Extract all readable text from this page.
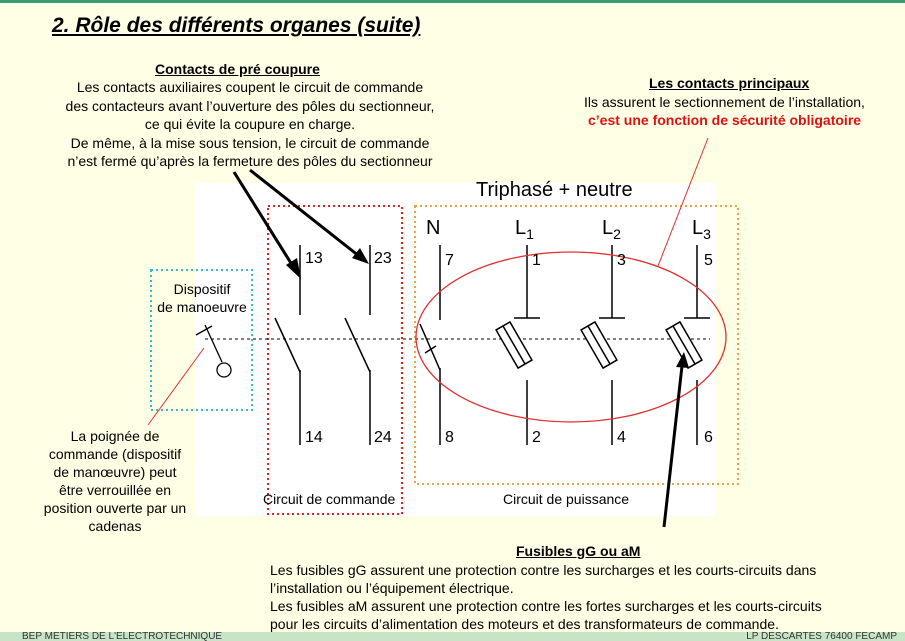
2. Rôle des différents organes (suite)
Contacts de pré coupure
Les contacts auxiliaires coupent le circuit de commande
des contacteurs avant l’ouverture des pôles du sectionneur,
ce qui évite la coupure en charge.
De même, à la mise sous tension, le circuit de commande
n’est fermé qu’après la fermeture des pôles du sectionneur
Les contacts principaux
Ils assurent le sectionnement de l’installation,
c’est une fonction de sécurité obligatoire
Triphasé + neutre
Dispositif
de manoeuvre
N	$L_1$	$L_2$	$L_3$
13	23
14	24
7	1	3	5
8	2	4	6
Circuit de commande	Circuit de puissance
La poignée de
commande (dispositif
de manœuvre) peut
être verrouillée en
position ouverte par un
cadenas
Fusibles gG ou aM
Les fusibles gG assurent une protection contre les surcharges et les courts-circuits dans
l’installation ou l’équipement électrique.
Les fusibles aM assurent une protection contre les fortes surcharges et les courts-circuits
pour les circuits d’alimentation des moteurs et des transformateurs de commande.
BEP METIERS DE L'ELECTROTECHNIQUE	LP DESCARTES 76400 FECAMP
